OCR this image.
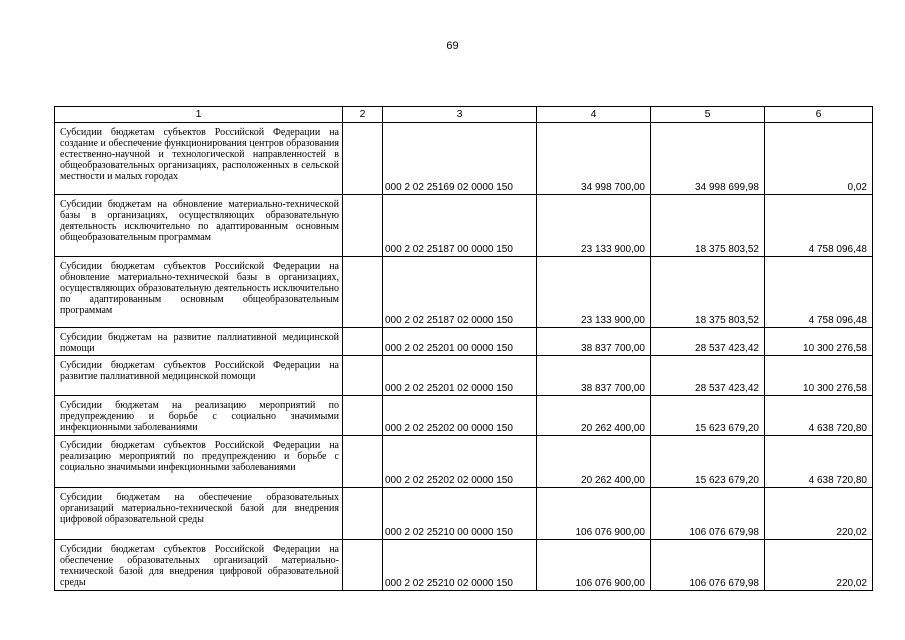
69
1	2	3	4	5	6
Субсидии бюджетам субъектов Российской Федерации на создание и обеспечение функционирования центров образования естественно-научной и технологической направленностей в общеобразовательных организациях, расположенных в сельской местности и малых городах		000 2 02 25169 02 0000 150	34 998 700,00	34 998 699,98	0,02
Субсидии бюджетам на обновление материально-технической базы в организациях, осуществляющих образовательную деятельность исключительно по адаптированным основным общеобразовательным программам		000 2 02 25187 00 0000 150	23 133 900,00	18 375 803,52	4 758 096,48
Субсидии бюджетам субъектов Российской Федерации на обновление материально-технической базы в организациях, осуществляющих образовательную деятельность исключительно по адаптированным основным общеобразовательным программам		000 2 02 25187 02 0000 150	23 133 900,00	18 375 803,52	4 758 096,48
Субсидии бюджетам на развитие паллиативной медицинской помощи		000 2 02 25201 00 0000 150	38 837 700,00	28 537 423,42	10 300 276,58
Субсидии бюджетам субъектов Российской Федерации на развитие паллиативной медицинской помощи		000 2 02 25201 02 0000 150	38 837 700,00	28 537 423,42	10 300 276,58
Субсидии бюджетам на реализацию мероприятий по предупреждению и борьбе с социально значимыми инфекционными заболеваниями		000 2 02 25202 00 0000 150	20 262 400,00	15 623 679,20	4 638 720,80
Субсидии бюджетам субъектов Российской Федерации на реализацию мероприятий по предупреждению и борьбе с социально значимыми инфекционными заболеваниями		000 2 02 25202 02 0000 150	20 262 400,00	15 623 679,20	4 638 720,80
Субсидии бюджетам на обеспечение образовательных организаций материально-технической базой для внедрения цифровой образовательной среды		000 2 02 25210 00 0000 150	106 076 900,00	106 076 679,98	220,02
Субсидии бюджетам субъектов Российской Федерации на обеспечение образовательных организаций материально-технической базой для внедрения цифровой образовательной среды		000 2 02 25210 02 0000 150	106 076 900,00	106 076 679,98	220,02
